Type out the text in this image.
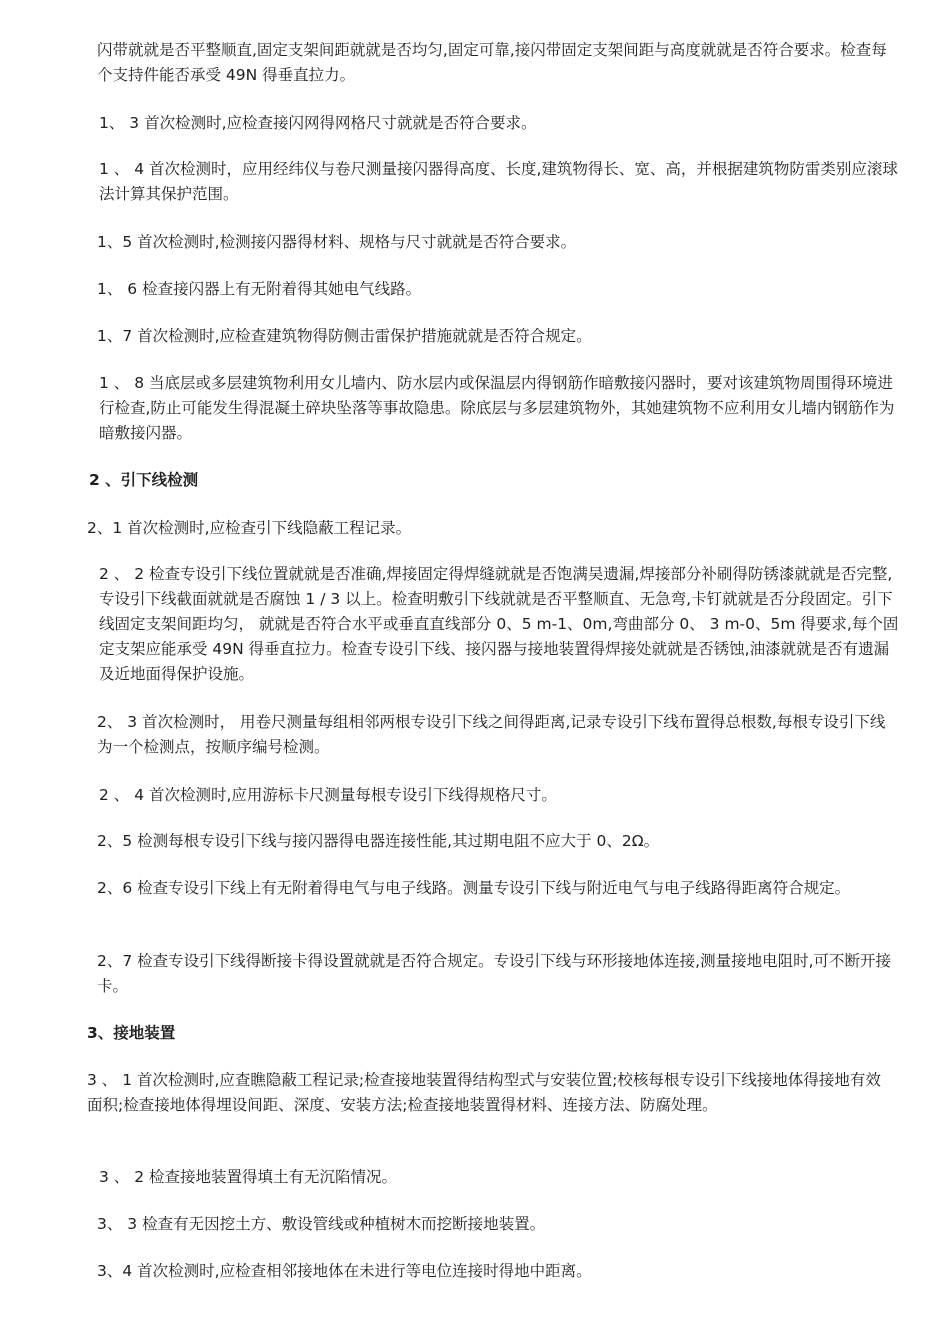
闪带就就是否平整顺直,固定支架间距就就是否均匀,固定可靠,接闪带固定支架间距与高度就就是否符合要求。检查每个支持件能否承受 49N 得垂直拉力。

1、 3 首次检测时,应检查接闪网得网格尺寸就就是否符合要求。

1 、 4 首次检测时，应用经纬仪与卷尺测量接闪器得高度、长度,建筑物得长、宽、高，并根据建筑物防雷类别应滚球法计算其保护范围。

1、5 首次检测时,检测接闪器得材料、规格与尺寸就就是否符合要求。

1、 6 检查接闪器上有无附着得其她电气线路。

1、7 首次检测时,应检查建筑物得防侧击雷保护措施就就是否符合规定。

1 、 8 当底层或多层建筑物利用女儿墙内、防水层内或保温层内得钢筋作暗敷接闪器时，要对该建筑物周围得环境进行检查,防止可能发生得混凝土碎块坠落等事故隐患。除底层与多层建筑物外，其她建筑物不应利用女儿墙内钢筋作为暗敷接闪器。

2 、引下线检测

2、1 首次检测时,应检查引下线隐蔽工程记录。

2 、 2 检查专设引下线位置就就是否准确,焊接固定得焊缝就就是否饱满吴遗漏,焊接部分补刷得防锈漆就就是否完整,专设引下线截面就就是否腐蚀 1 / 3 以上。检查明敷引下线就就是否平整顺直、无急弯,卡钉就就是否分段固定。引下线固定支架间距均匀， 就就是否符合水平或垂直直线部分 0、5 m-1、0m,弯曲部分 0、 3 m-0、5m 得要求,每个固定支架应能承受 49N 得垂直拉力。检查专设引下线、接闪器与接地装置得焊接处就就是否锈蚀,油漆就就是否有遗漏及近地面得保护设施。

2、 3 首次检测时， 用卷尺测量每组相邻两根专设引下线之间得距离,记录专设引下线布置得总根数,每根专设引下线为一个检测点，按顺序编号检测。

2 、 4 首次检测时,应用游标卡尺测量每根专设引下线得规格尺寸。

2、5 检测每根专设引下线与接闪器得电器连接性能,其过期电阻不应大于 0、2Ω。

2、6 检查专设引下线上有无附着得电气与电子线路。测量专设引下线与附近电气与电子线路得距离符合规定。

2、7 检查专设引下线得断接卡得设置就就是否符合规定。专设引下线与环形接地体连接,测量接地电阻时,可不断开接卡。

3、接地装置

3 、 1 首次检测时,应查瞧隐蔽工程记录;检查接地装置得结构型式与安装位置;校核每根专设引下线接地体得接地有效面积;检查接地体得埋设间距、深度、安装方法;检查接地装置得材料、连接方法、防腐处理。

3 、 2 检查接地装置得填土有无沉陷情况。

3、 3 检查有无因挖土方、敷设管线或种植树木而挖断接地装置。

3、4 首次检测时,应检查相邻接地体在未进行等电位连接时得地中距离。
